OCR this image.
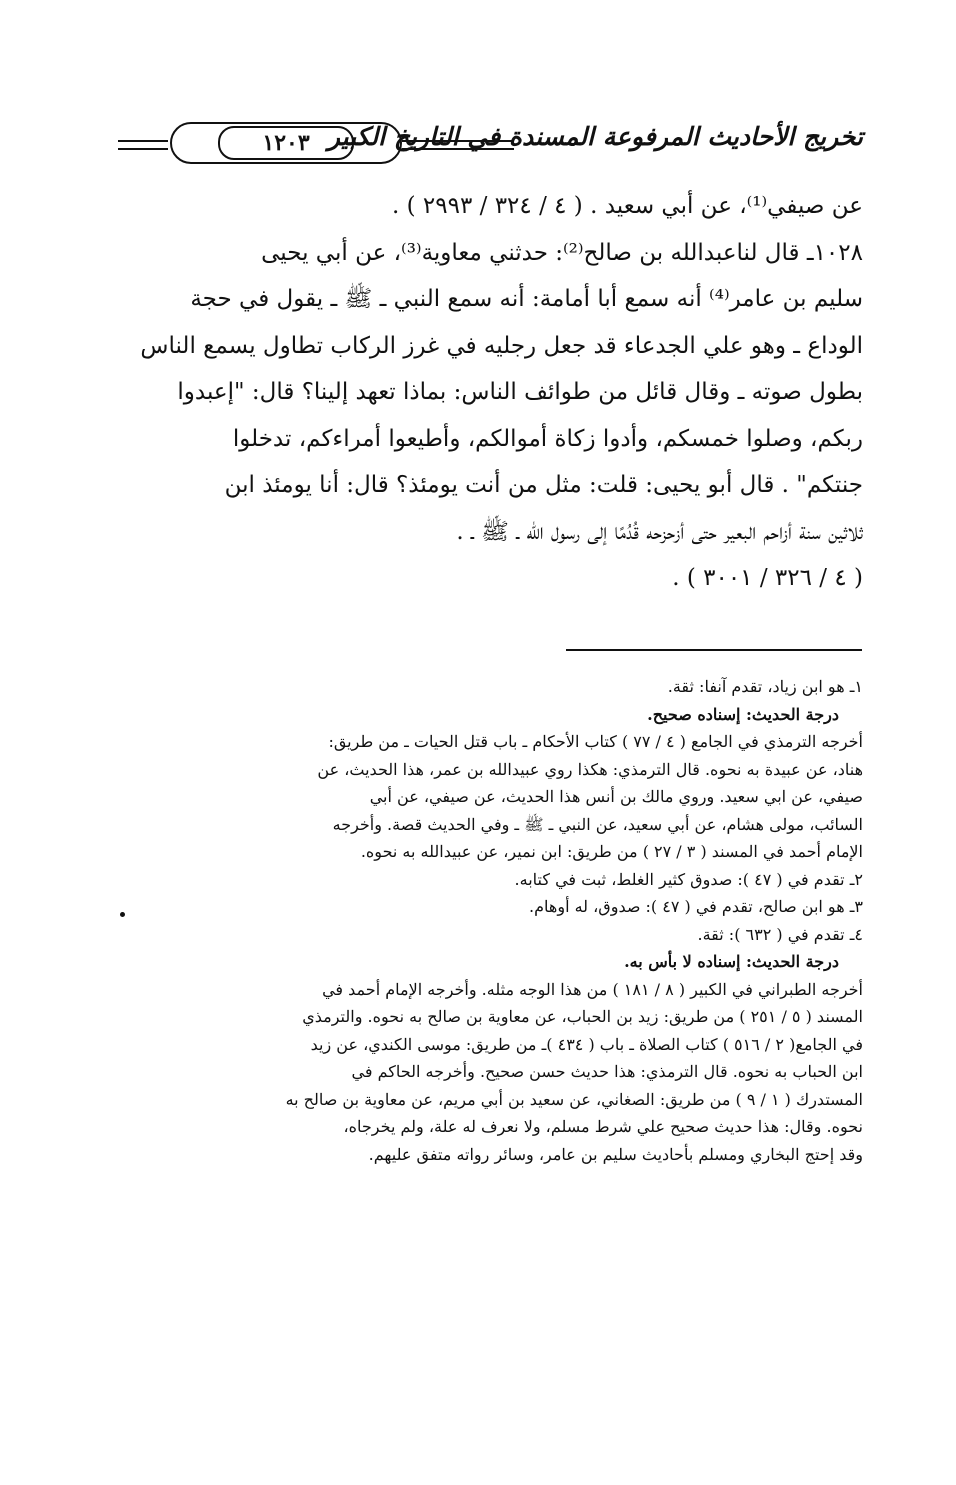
تخريج الأحاديث المرفوعة المسندة في التاريخ الكبير
١٢٠٣
عن صيفي⁽¹⁾، عن أبي سعيد . ( ٤ / ٣٢٤ / ٢٩٩٣ ) .
١٠٢٨ـ قال لناعبدالله بن صالح⁽²⁾: حدثني معاوية⁽³⁾، عن أبي يحيى
سليم بن عامر⁽⁴⁾ أنه سمع أبا أمامة: أنه سمع النبي ـ ﷺ ـ يقول في حجة
الوداع ـ وهو علي الجدعاء قد جعل رجليه في غرز الركاب تطاول يسمع الناس
بطول صوته ـ وقال قائل من طوائف الناس: بماذا تعهد إلينا؟ قال: "إعبدوا
ربكم، وصلوا خمسكم، وأدوا زكاة أموالكم، وأطيعوا أمراءكم، تدخلوا
جنتكم" . قال أبو يحيى: قلت: مثل من أنت يومئذ؟ قال: أنا يومئذ ابن
ثلاثين سنة أزاحم البعير حتى أزحزحه قُدُمًا إلى رسول الله ـ ﷺ ـ .
( ٤ / ٣٢٦ / ٣٠٠١ ) .
١ـ هو ابن زياد، تقدم آنفا: ثقة.
درجة الحديث: إسناده صحيح.
أخرجه الترمذي في الجامع ( ٤ / ٧٧ ) كتاب الأحكام ـ باب قتل الحيات ـ من طريق:
هناد، عن عبيدة به نحوه. قال الترمذي: هكذا روي عبيدالله بن عمر، هذا الحديث، عن
صيفي، عن ابي سعيد. وروي مالك بن أنس هذا الحديث، عن صيفي، عن أبي
السائب، مولى هشام، عن أبي سعيد، عن النبي ـ ﷺ ـ وفي الحديث قصة. وأخرجه
الإمام أحمد في المسند ( ٣ / ٢٧ ) من طريق: ابن نمير، عن عبيدالله به نحوه.
٢ـ تقدم في ( ٤٧ ): صدوق كثير الغلط، ثبت في كتابه.
٣ـ هو ابن صالح، تقدم في ( ٤٧ ): صدوق، له أوهام.
٤ـ تقدم في ( ٦٣٢ ): ثقة.
درجة الحديث: إسناده لا بأس به.
أخرجه الطبراني في الكبير ( ٨ / ١٨١ ) من هذا الوجه مثله. وأخرجه الإمام أحمد في
المسند ( ٥ / ٢٥١ ) من طريق: زيد بن الحباب، عن معاوية بن صالح به نحوه. والترمذي
في الجامع( ٢ / ٥١٦ ) كتاب الصلاة ـ باب ( ٤٣٤ )ـ من طريق: موسى الكندي، عن زيد
ابن الحباب به نحوه. قال الترمذي: هذا حديث حسن صحيح. وأخرجه الحاكم في
المستدرك ( ١ / ٩ ) من طريق: الصغاني، عن سعيد بن أبي مريم، عن معاوية بن صالح به
نحوه. وقال: هذا حديث صحيح علي شرط مسلم، ولا نعرف له علة، ولم يخرجاه،
وقد إحتج البخاري ومسلم بأحاديث سليم بن عامر، وسائر رواته متفق عليهم.
